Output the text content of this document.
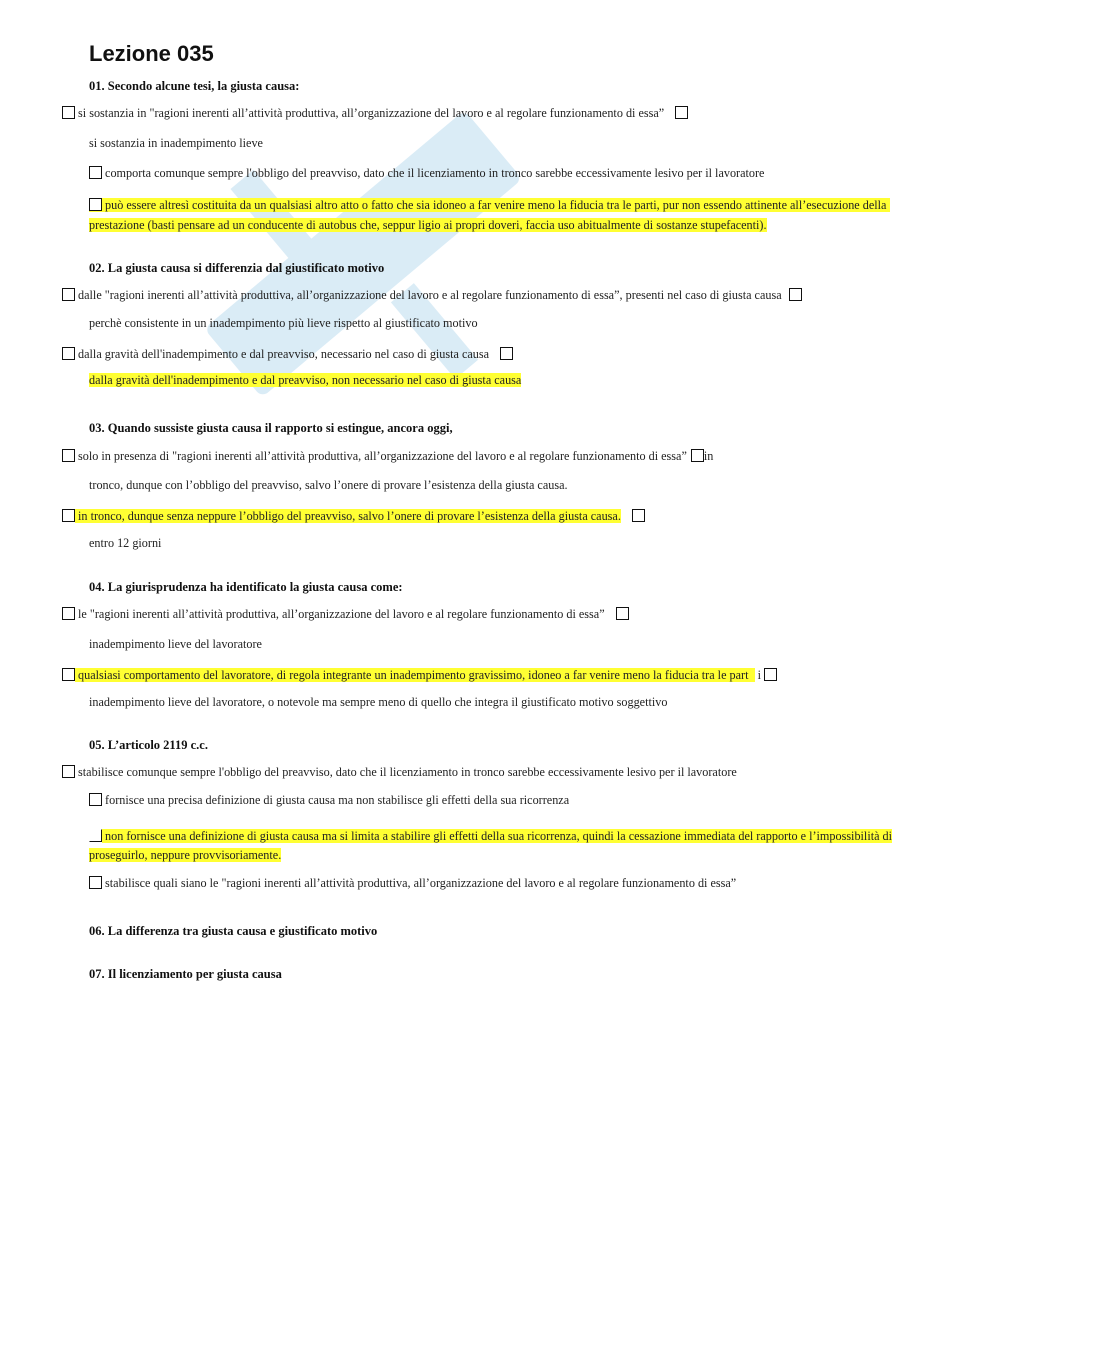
Lezione 035
01. Secondo alcune tesi, la giusta causa:
si sostanzia in "ragioni inerenti all’attività produttiva, all’organizzazione del lavoro e al regolare funzionamento di essa”
si sostanzia in inadempimento lieve
comporta comunque sempre l'obbligo del preavviso, dato che il licenziamento in tronco sarebbe eccessivamente lesivo per il lavoratore
può essere altresì costituita da un qualsiasi altro atto o fatto che sia idoneo a far venire meno la fiducia tra le parti, pur non essendo attinente all’esecuzione della
prestazione (basti pensare ad un conducente di autobus che, seppur ligio ai propri doveri, faccia uso abitualmente di sostanze stupefacenti).
02. La giusta causa si differenzia dal giustificato motivo
dalle "ragioni inerenti all’attività produttiva, all’organizzazione del lavoro e al regolare funzionamento di essa”, presenti nel caso di giusta causa
perchè consistente in un inadempimento più lieve rispetto al giustificato motivo
dalla gravità dell'inadempimento e dal preavviso, necessario nel caso di giusta causa
dalla gravità dell'inadempimento e dal preavviso, non necessario nel caso di giusta causa
03. Quando sussiste giusta causa il rapporto si estingue, ancora oggi,
solo in presenza di "ragioni inerenti all’attività produttiva, all’organizzazione del lavoro e al regolare funzionamento di essa” in
tronco, dunque con l’obbligo del preavviso, salvo l’onere di provare l’esistenza della giusta causa.
in tronco, dunque senza neppure l’obbligo del preavviso, salvo l’onere di provare l’esistenza della giusta causa.
entro 12 giorni
04. La giurisprudenza ha identificato la giusta causa come:
le "ragioni inerenti all’attività produttiva, all’organizzazione del lavoro e al regolare funzionamento di essa”
inadempimento lieve del lavoratore
qualsiasi comportamento del lavoratore, di regola integrante un inadempimento gravissimo, idoneo a far venire meno la fiducia tra le part i
inadempimento lieve del lavoratore, o notevole ma sempre meno di quello che integra il giustificato motivo soggettivo
05. L’articolo 2119 c.c.
stabilisce comunque sempre l'obbligo del preavviso, dato che il licenziamento in tronco sarebbe eccessivamente lesivo per il lavoratore
fornisce una precisa definizione di giusta causa ma non stabilisce gli effetti della sua ricorrenza
non fornisce una definizione di giusta causa ma si limita a stabilire gli effetti della sua ricorrenza, quindi la cessazione immediata del rapporto e l’impossibilità di
proseguirlo, neppure provvisoriamente.
stabilisce quali siano le "ragioni inerenti all’attività produttiva, all’organizzazione del lavoro e al regolare funzionamento di essa”
06. La differenza tra giusta causa e giustificato motivo
07. Il licenziamento per giusta causa
